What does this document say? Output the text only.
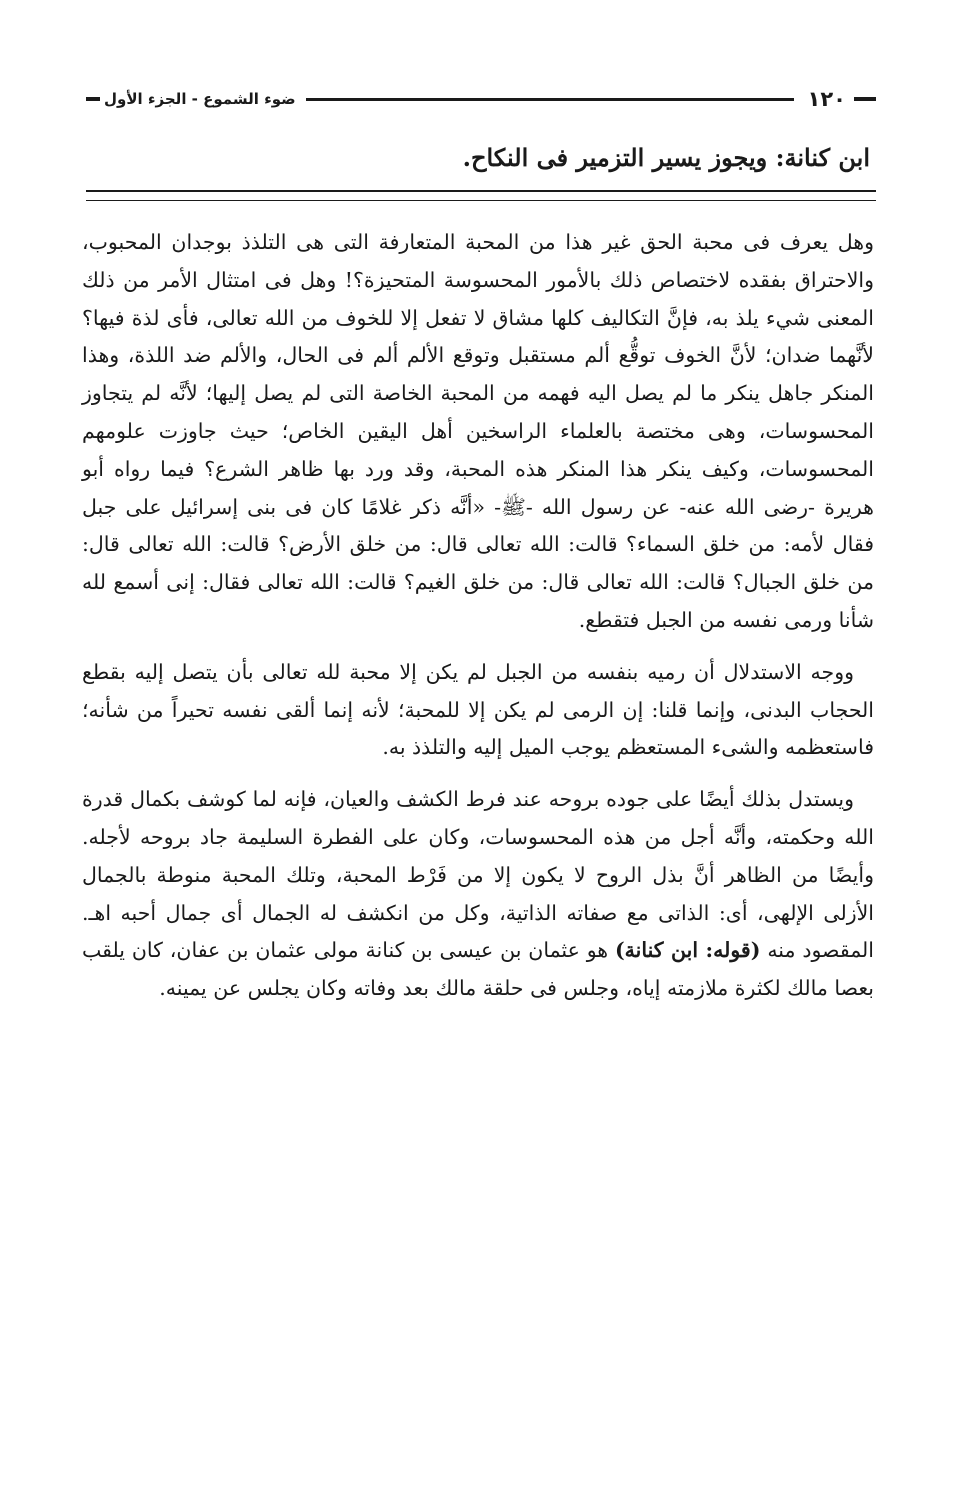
١٢٠
ضوء الشموع - الجزء الأول
ابن كنانة: ويجوز يسير التزمير فى النكاح.

وهل يعرف فى محبة الحق غير هذا من المحبة المتعارفة التى هى التلذذ بوجدان المحبوب، والاحتراق بفقده لاختصاص ذلك بالأمور المحسوسة المتحيزة؟! وهل فى امتثال الأمر من ذلك المعنى شيء يلذ به، فإنَّ التكاليف كلها مشاق لا تفعل إلا للخوف من الله تعالى، فأى لذة فيها؟ لأنَّهما ضدان؛ لأنَّ الخوف توقُّع ألم مستقبل وتوقع الألم ألم فى الحال، والألم ضد اللذة، وهذا المنكر جاهل ينكر ما لم يصل اليه فهمه من المحبة الخاصة التى لم يصل إليها؛ لأنَّه لم يتجاوز المحسوسات، وهى مختصة بالعلماء الراسخين أهل اليقين الخاص؛ حيث جاوزت علومهم المحسوسات، وكيف ينكر هذا المنكر هذه المحبة، وقد ورد بها ظاهر الشرع؟ فيما رواه أبو هريرة -رضى الله عنه- عن رسول الله -ﷺ- «أنَّه ذكر غلامًا كان فى بنى إسرائيل على جبل فقال لأمه: من خلق السماء؟ قالت: الله تعالى قال: من خلق الأرض؟ قالت: الله تعالى قال: من خلق الجبال؟ قالت: الله تعالى قال: من خلق الغيم؟ قالت: الله تعالى فقال: إنى أسمع لله شأنا ورمى نفسه من الجبل فتقطع.

ووجه الاستدلال أن رميه بنفسه من الجبل لم يكن إلا محبة لله تعالى بأن يتصل إليه بقطع الحجاب البدنى، وإنما قلنا: إن الرمى لم يكن إلا للمحبة؛ لأنه إنما ألقى نفسه تحيراً من شأنه؛ فاستعظمه والشىء المستعظم يوجب الميل إليه والتلذذ به.

ويستدل بذلك أيضًا على جوده بروحه عند فرط الكشف والعيان، فإنه لما كوشف بكمال قدرة الله وحكمته، وأنَّه أجل من هذه المحسوسات، وكان على الفطرة السليمة جاد بروحه لأجله. وأيضًا من الظاهر أنَّ بذل الروح لا يكون إلا من فَرْط المحبة، وتلك المحبة منوطة بالجمال الأزلى الإلهى، أى: الذاتى مع صفاته الذاتية، وكل من انكشف له الجمال أى جمال أحبه اهـ. المقصود منه (قوله: ابن كنانة) هو عثمان بن عيسى بن كنانة مولى عثمان بن عفان، كان يلقب بعصا مالك لكثرة ملازمته إياه، وجلس فى حلقة مالك بعد وفاته وكان يجلس عن يمينه.
